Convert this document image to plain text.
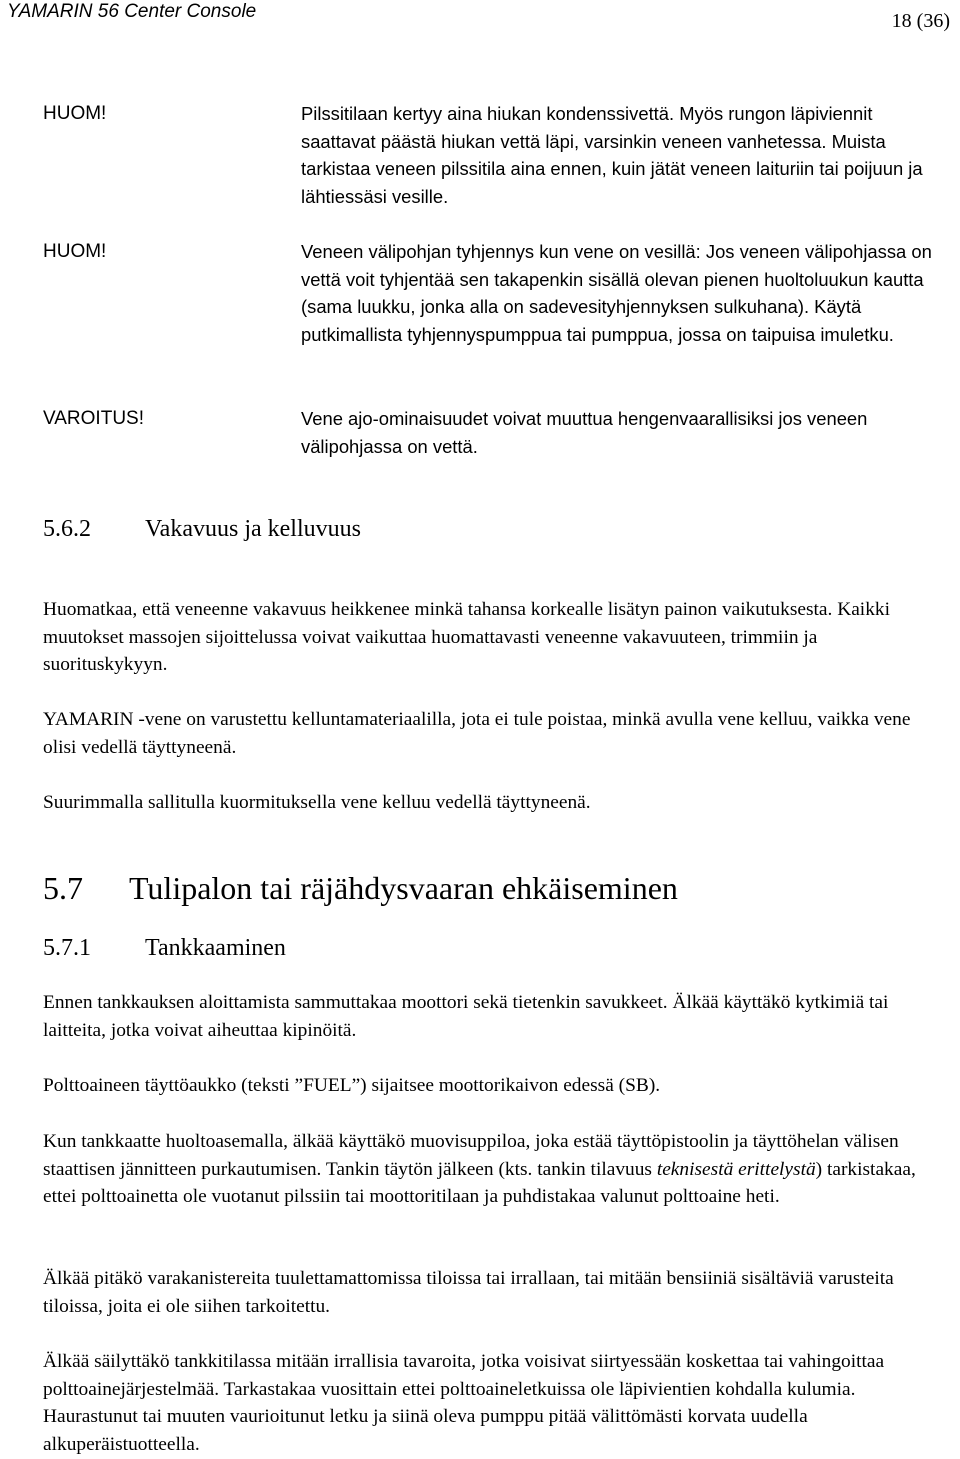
YAMARIN 56 Center Console	18 (36)
HUOM!	Pilssitilaan kertyy aina hiukan kondenssivettä. Myös rungon läpiviennit saattavat päästä hiukan vettä läpi, varsinkin veneen vanhetessa. Muista tarkistaa veneen pilssitila aina ennen, kuin jätät veneen laituriin tai poijuun ja lähtiessäsi vesille.
HUOM!	Veneen välipohjan tyhjennys kun vene on vesillä: Jos veneen välipohjassa on vettä voit tyhjentää sen takapenkin sisällä olevan pienen huoltoluukun kautta (sama luukku, jonka alla on sadevesityhjennyksen sulkuhana). Käytä putkimallista tyhjennyspumppua tai pumppua, jossa on taipuisa imuletku.
VAROITUS!	Vene ajo-ominaisuudet voivat muuttua hengenvaarallisiksi jos veneen välipohjassa on vettä.
5.6.2 Vakavuus ja kelluvuus
Huomatkaa, että veneenne vakavuus heikkenee minkä tahansa korkealle lisätyn painon vaikutuksesta. Kaikki muutokset massojen sijoittelussa voivat vaikuttaa huomattavasti veneenne vakavuuteen, trimmiin ja suorituskykyyn.
YAMARIN -vene on varustettu kelluntamateriaalilla, jota ei tule poistaa, minkä avulla vene kelluu, vaikka vene olisi vedellä täyttyneenä.
Suurimmalla sallitulla kuormituksella vene kelluu vedellä täyttyneenä.
5.7 Tulipalon tai räjähdysvaaran ehkäiseminen
5.7.1 Tankkaaminen
Ennen tankkauksen aloittamista sammuttakaa moottori sekä tietenkin savukkeet. Älkää käyttäkö kytkimiä tai laitteita, jotka voivat aiheuttaa kipinöitä.
Polttoaineen täyttöaukko (teksti ”FUEL”) sijaitsee moottorikaivon edessä (SB).
Kun tankkaatte huoltoasemalla, älkää käyttäkö muovisuppiloa, joka estää täyttöpistoolin ja täyttöhelan välisen staattisen jännitteen purkautumisen. Tankin täytön jälkeen (kts. tankin tilavuus teknisestä erittelystä) tarkistakaa, ettei polttoainetta ole vuotanut pilssiin tai moottoritilaan ja puhdistakaa valunut polttoaine heti.
Älkää pitäkö varakanistereita tuulettamattomissa tiloissa tai irrallaan, tai mitään bensiiniä sisältäviä varusteita tiloissa, joita ei ole siihen tarkoitettu.
Älkää säilyttäkö tankkitilassa mitään irrallisia tavaroita, jotka voisivat siirtyessään koskettaa tai vahingoittaa polttoainejärjestelmää. Tarkastakaa vuosittain ettei polttoaineletkuissa ole läpivientien kohdalla kulumia. Haurastunut tai muuten vaurioitunut letku ja siinä oleva pumppu pitää välittömästi korvata uudella alkuperäistuotteella.
